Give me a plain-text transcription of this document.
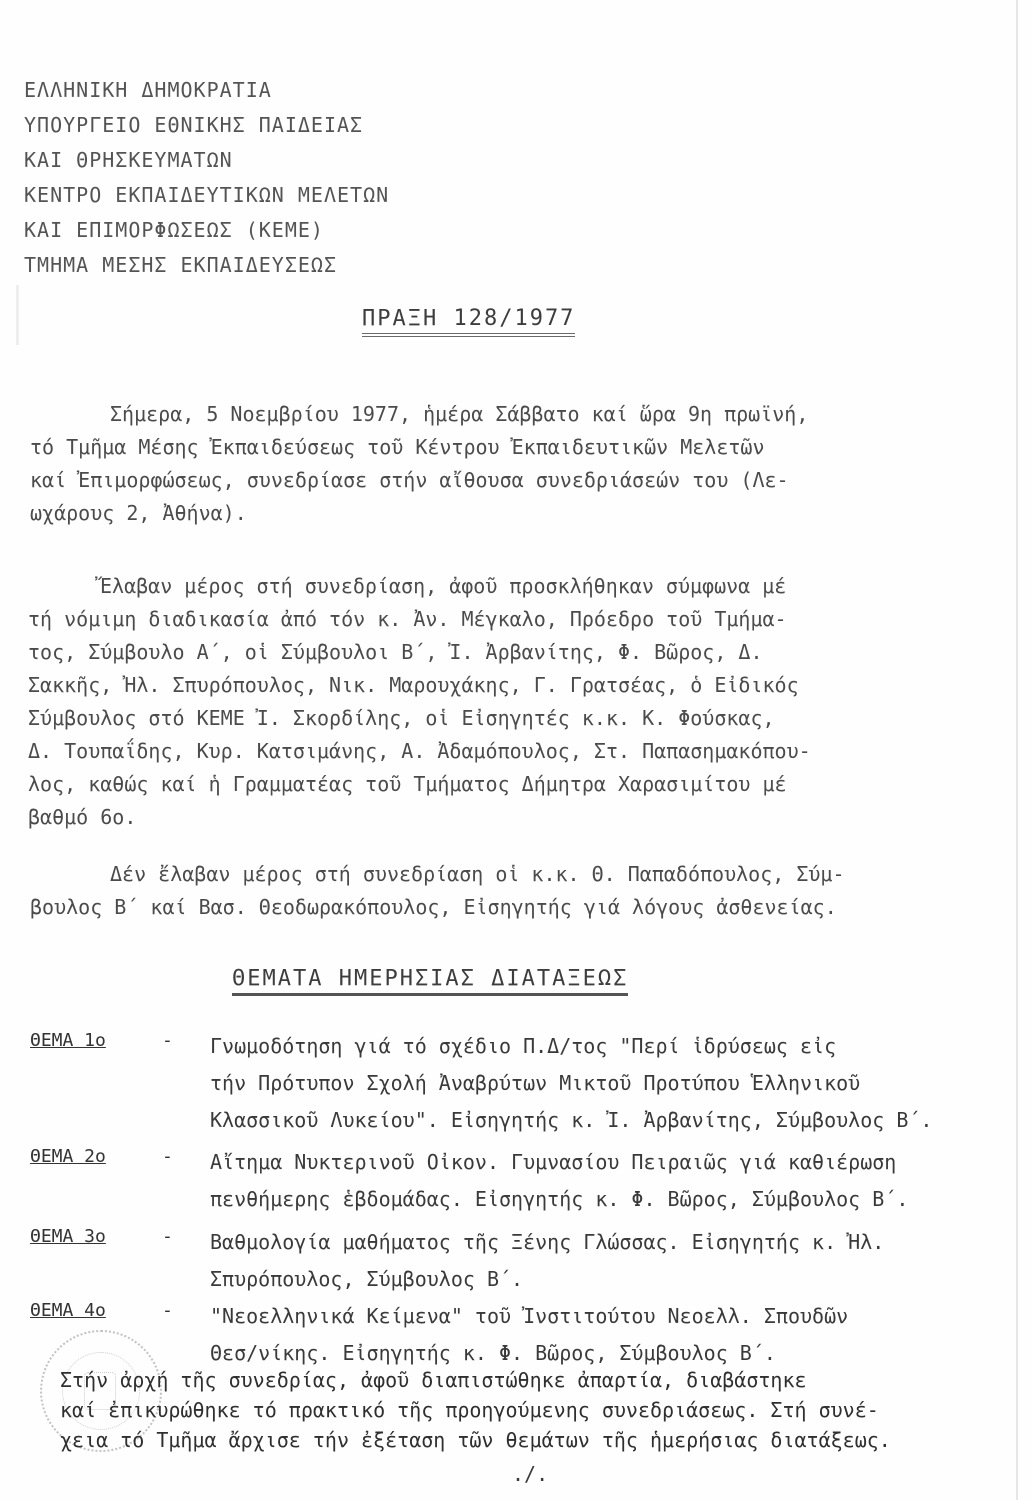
ΕΛΛΗΝΙΚΗ ΔΗΜΟΚΡΑΤΙΑ
ΥΠΟΥΡΓΕΙΟ ΕΘΝΙΚΗΣ ΠΑΙΔΕΙΑΣ
ΚΑΙ ΘΡΗΣΚΕΥΜΑΤΩΝ
ΚΕΝΤΡΟ ΕΚΠΑΙΔΕΥΤΙΚΩΝ ΜΕΛΕΤΩΝ
ΚΑΙ ΕΠΙΜΟΡΦΩΣΕΩΣ (ΚΕΜΕ)
ΤΜΗΜΑ ΜΕΣΗΣ ΕΚΠΑΙΔΕΥΣΕΩΣ
ΠΡΑΞΗ 128/1977
Σήμερα, 5 Νοεμβρίου 1977, ἡμέρα Σάββατο καί ὥρα 9η πρωϊνή,
τό Τμῆμα Μέσης Ἐκπαιδεύσεως τοῦ Κέντρου Ἐκπαιδευτικῶν Μελετῶν
καί Ἐπιμορφώσεως, συνεδρίασε στήν αἴθουσα συνεδριάσεών του (Λε-
ωχάρους 2, Ἀθήνα).
Ἔλαβαν μέρος στή συνεδρίαση, ἀφοῦ προσκλήθηκαν σύμφωνα μέ
τή νόμιμη διαδικασία ἀπό τόν κ. Ἀν. Μέγκαλο, Πρόεδρο τοῦ Τμήμα-
τος, Σύμβουλο Α΄, οἱ Σύμβουλοι Β΄, Ἰ. Ἀρβανίτης, Φ. Βῶρος, Δ.
Σακκῆς, Ἠλ. Σπυρόπουλος, Νικ. Μαρουχάκης, Γ. Γρατσέας, ὁ Εἰδικός
Σύμβουλος στό ΚΕΜΕ Ἰ. Σκορδίλης, οἱ Εἰσηγητές κ.κ. Κ. Φούσκας,
Δ. Τουπαΐδης, Κυρ. Κατσιμάνης, Α. Ἀδαμόπουλος, Στ. Παπασημακόπου-
λος, καθώς καί ἡ Γραμματέας τοῦ Τμήματος Δήμητρα Χαρασιμίτου μέ
βαθμό 6ο.
Δέν ἔλαβαν μέρος στή συνεδρίαση οἱ κ.κ. Θ. Παπαδόπουλος, Σύμ-
βουλος Β΄ καί Βασ. Θεοδωρακόπουλος, Εἰσηγητής γιά λόγους ἀσθενείας.
ΘΕΜΑΤΑ ΗΜΕΡΗΣΙΑΣ ΔΙΑΤΑΞΕΩΣ
ΘΕΜΑ 1ο	- Γνωμοδότηση γιά τό σχέδιο Π.Δ/τος "Περί ἱδρύσεως εἰς
τήν Πρότυπον Σχολή Ἀναβρύτων Μικτοῦ Προτύπου Ἑλληνικοῦ
Κλασσικοῦ Λυκείου". Εἰσηγητής κ. Ἰ. Ἀρβανίτης, Σύμβουλος Β΄.
ΘΕΜΑ 2ο	- Αἴτημα Νυκτερινοῦ Οἰκον. Γυμνασίου Πειραιῶς γιά καθιέρωση
πενθήμερης ἑβδομάδας. Εἰσηγητής κ. Φ. Βῶρος, Σύμβουλος Β΄.
ΘΕΜΑ 3ο	- Βαθμολογία μαθήματος τῆς Ξένης Γλώσσας. Εἰσηγητής κ. Ἠλ.
Σπυρόπουλος, Σύμβουλος Β΄.
ΘΕΜΑ 4ο	- "Νεοελληνικά Κείμενα" τοῦ Ἰνστιτούτου Νεοελλ. Σπουδῶν
Θεσ/νίκης. Εἰσηγητής κ. Φ. Βῶρος, Σύμβουλος Β΄.
Στήν ἀρχή τῆς συνεδρίας, ἀφοῦ διαπιστώθηκε ἀπαρτία, διαβάστηκε
καί ἐπικυρώθηκε τό πρακτικό τῆς προηγούμενης συνεδριάσεως. Στή συνέ-
χεια τό Τμῆμα ἄρχισε τήν ἐξέταση τῶν θεμάτων τῆς ἡμερήσιας διατάξεως.
./.
